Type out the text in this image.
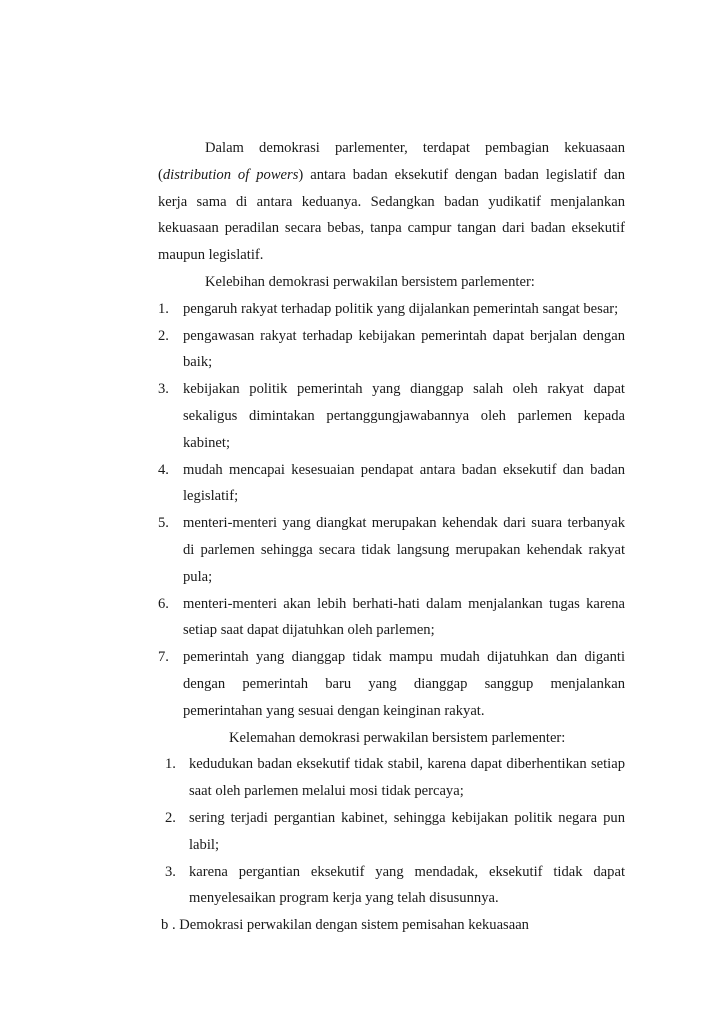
Dalam demokrasi parlementer, terdapat pembagian kekuasaan
(distribution of powers) antara badan eksekutif dengan badan legislatif dan
kerja sama di antara keduanya. Sedangkan badan yudikatif menjalankan
kekuasaan peradilan secara bebas, tanpa campur tangan dari badan eksekutif
maupun legislatif.
Kelebihan demokrasi perwakilan bersistem parlementer:
1. pengaruh rakyat terhadap politik yang dijalankan pemerintah sangat besar;
2. pengawasan rakyat terhadap kebijakan pemerintah dapat berjalan dengan
baik;
3. kebijakan politik pemerintah yang dianggap salah oleh rakyat dapat
sekaligus dimintakan pertanggungjawabannya oleh parlemen kepada
kabinet;
4. mudah mencapai kesesuaian pendapat antara badan eksekutif dan badan
legislatif;
5. menteri-menteri yang diangkat merupakan kehendak dari suara terbanyak
di parlemen sehingga secara tidak langsung merupakan kehendak rakyat
pula;
6. menteri-menteri akan lebih berhati-hati dalam menjalankan tugas karena
setiap saat dapat dijatuhkan oleh parlemen;
7. pemerintah yang dianggap tidak mampu mudah dijatuhkan dan diganti
dengan pemerintah baru yang dianggap sanggup menjalankan
pemerintahan yang sesuai dengan keinginan rakyat.
Kelemahan demokrasi perwakilan bersistem parlementer:
1. kedudukan badan eksekutif tidak stabil, karena dapat diberhentikan setiap
saat oleh parlemen melalui mosi tidak percaya;
2. sering terjadi pergantian kabinet, sehingga kebijakan politik negara pun
labil;
3. karena pergantian eksekutif yang mendadak, eksekutif tidak dapat
menyelesaikan program kerja yang telah disusunnya.
b . Demokrasi perwakilan dengan sistem pemisahan kekuasaan
